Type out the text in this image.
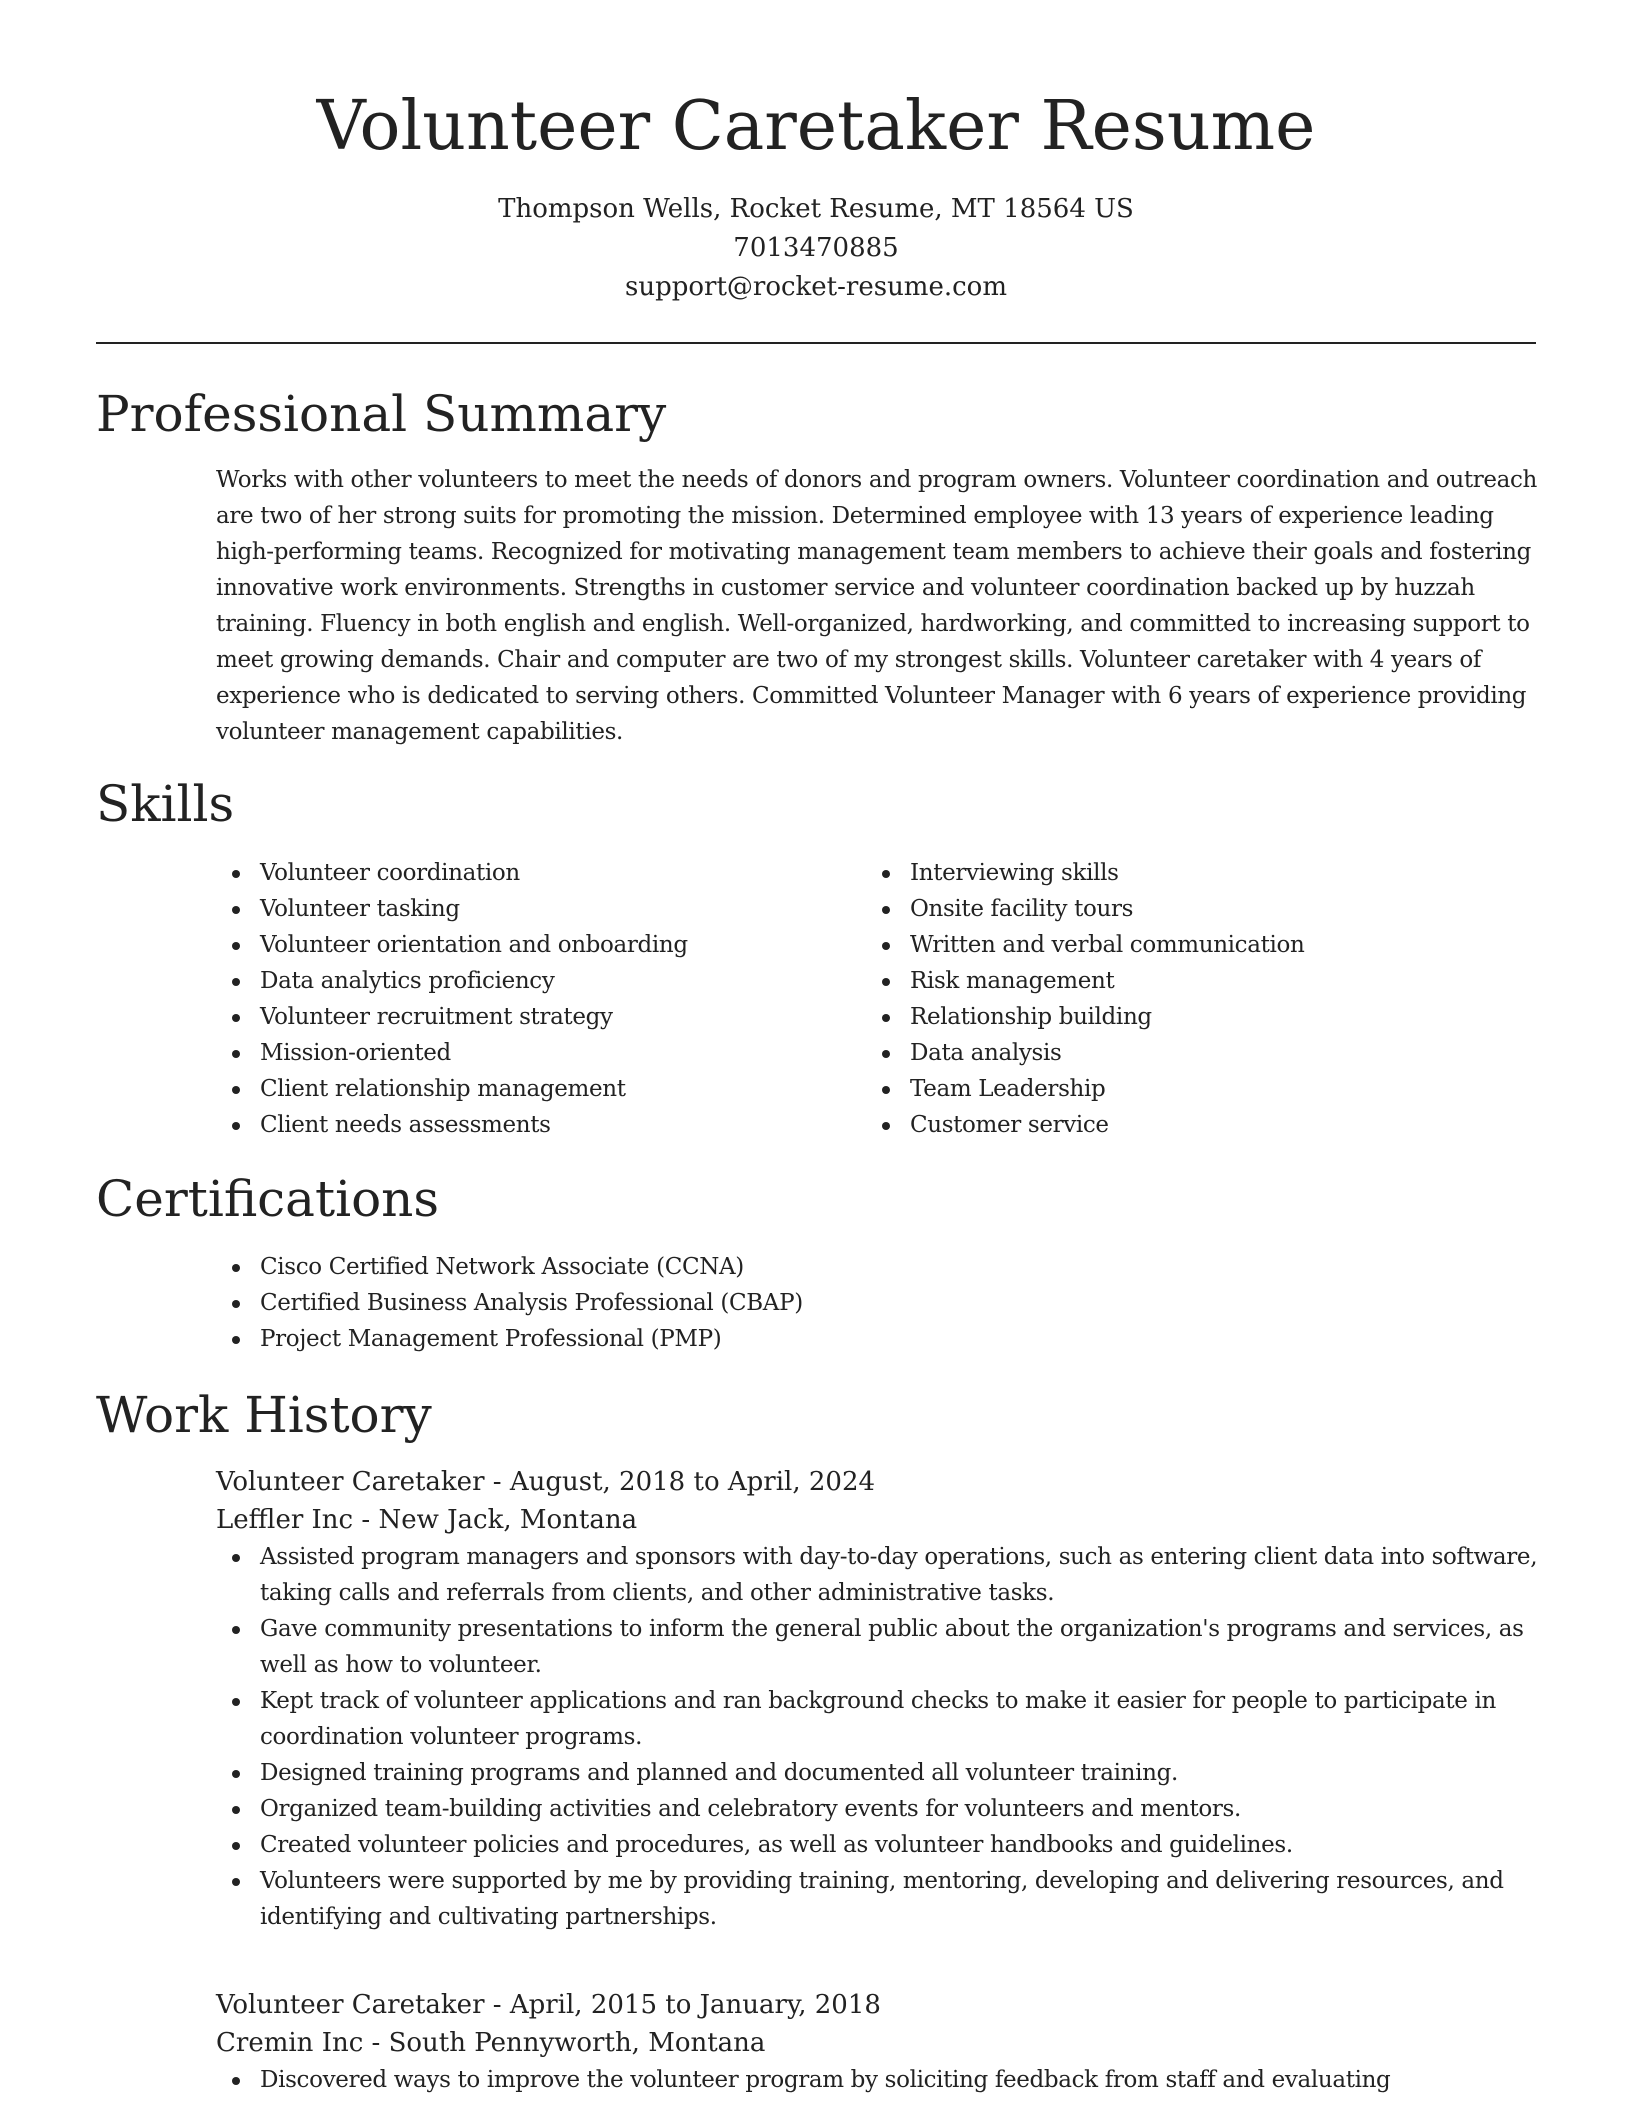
Volunteer Caretaker Resume
Thompson Wells, Rocket Resume, MT 18564 US
7013470885
support@rocket-resume.com
Professional Summary

Works with other volunteers to meet the needs of donors and program owners. Volunteer coordination and outreach are two of her strong suits for promoting the mission. Determined employee with 13 years of experience leading high-performing teams. Recognized for motivating management team members to achieve their goals and fostering innovative work environments. Strengths in customer service and volunteer coordination backed up by huzzah training. Fluency in both english and english. Well-organized, hardworking, and committed to increasing support to meet growing demands. Chair and computer are two of my strongest skills. Volunteer caretaker with 4 years of experience who is dedicated to serving others. Committed Volunteer Manager with 6 years of experience providing volunteer management capabilities.

Skills
Volunteer coordination
Volunteer tasking
Volunteer orientation and onboarding
Data analytics proficiency
Volunteer recruitment strategy
Mission-oriented
Client relationship management
Client needs assessments
Interviewing skills
Onsite facility tours
Written and verbal communication
Risk management
Relationship building
Data analysis
Team Leadership
Customer service
Certifications
Cisco Certified Network Associate (CCNA)
Certified Business Analysis Professional (CBAP)
Project Management Professional (PMP)
Work History
Volunteer Caretaker - August, 2018 to April, 2024
Leffler Inc - New Jack, Montana
Assisted program managers and sponsors with day-to-day operations, such as entering client data into software, taking calls and referrals from clients, and other administrative tasks.
Gave community presentations to inform the general public about the organization's programs and services, as well as how to volunteer.
Kept track of volunteer applications and ran background checks to make it easier for people to participate in coordination volunteer programs.
Designed training programs and planned and documented all volunteer training.
Organized team-building activities and celebratory events for volunteers and mentors.
Created volunteer policies and procedures, as well as volunteer handbooks and guidelines.
Volunteers were supported by me by providing training, mentoring, developing and delivering resources, and identifying and cultivating partnerships.
Volunteer Caretaker - April, 2015 to January, 2018
Cremin Inc - South Pennyworth, Montana
Discovered ways to improve the volunteer program by soliciting feedback from staff and evaluating
